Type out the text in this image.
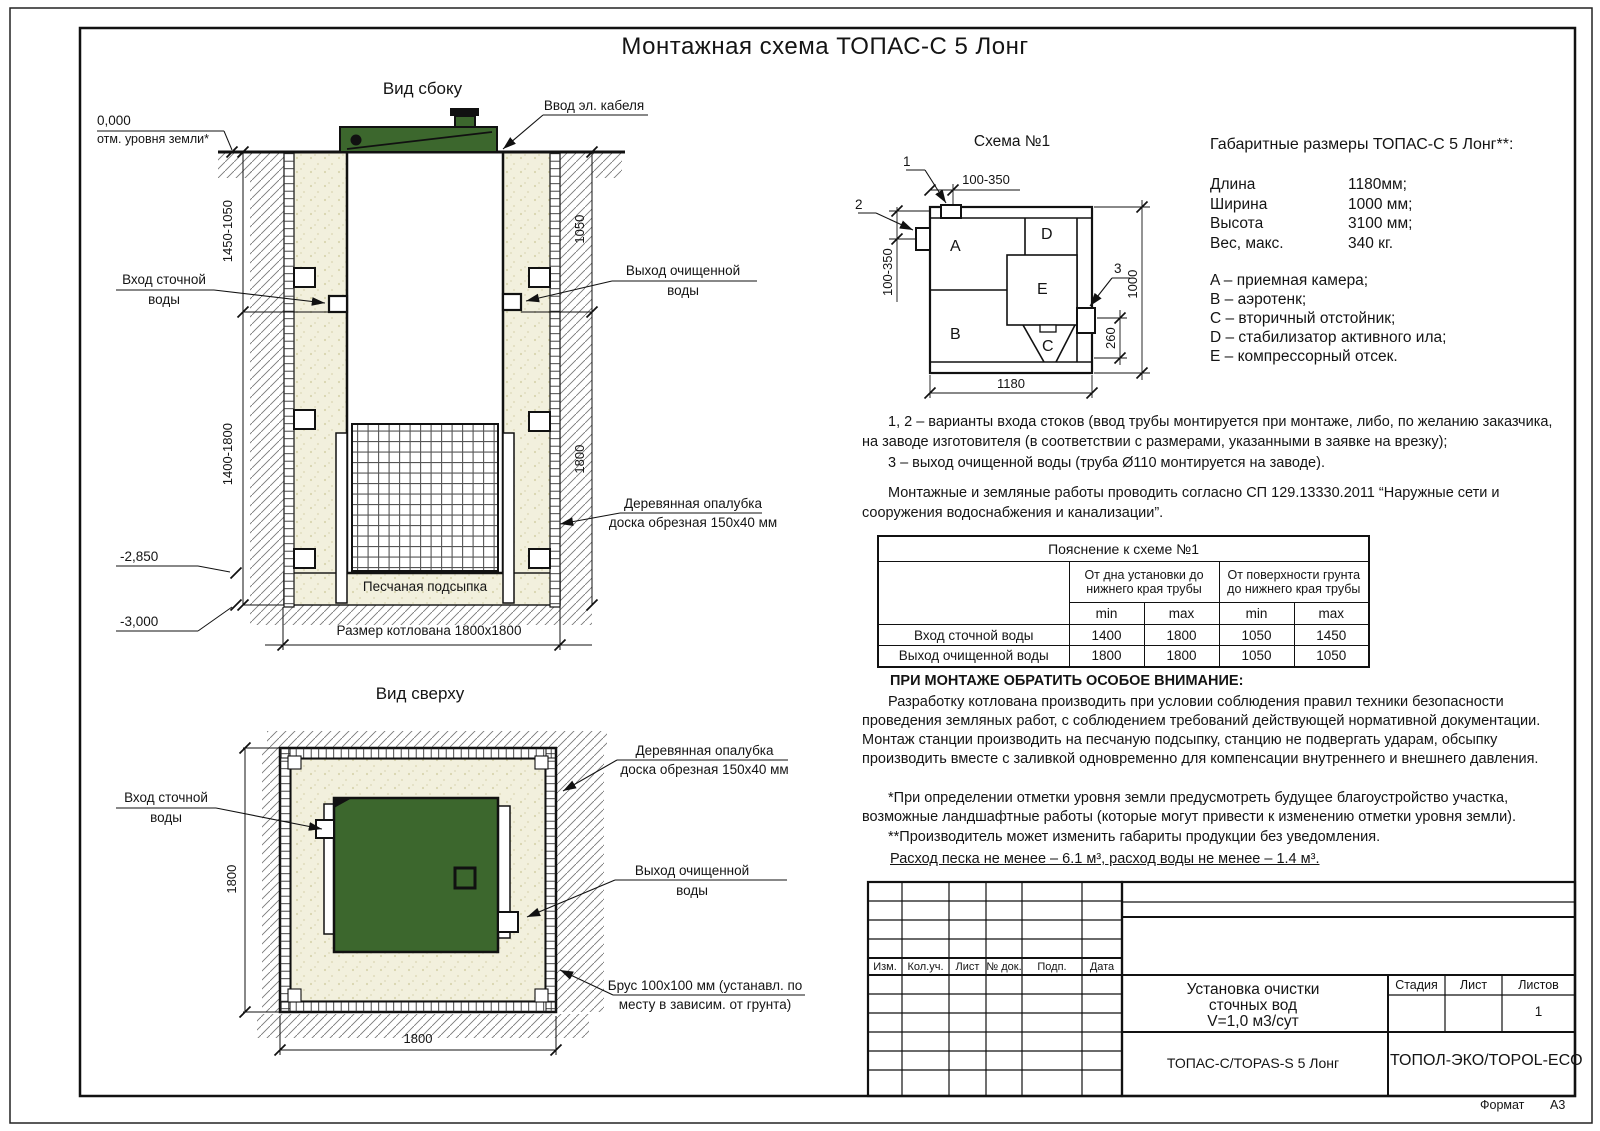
Монтажная схема ТОПАС-С 5 Лонг
Вид сбоку
Ввод эл. кабеля
0,000
отм. уровня земли*
Вход сточной
воды
Выход очищенной
воды
Деревянная опалубка
доска обрезная 150х40 мм
Песчаная подсыпка
-2,850
-3,000
Размер котлована 1800х1800
1450-1050
1400-1800
1050
1800
Вид сверху
Вход сточной
воды
Деревянная опалубка
доска обрезная 150х40 мм
Выход очищенной
воды
Брус 100х100 мм (устанавл. по
месту в зависим. от грунта)
1800
1800
Схема №1
A
B
C
D
E
1
2
3
100-350
100-350	1000
260
1180
Габаритные размеры ТОПАС-С 5 Лонг**:
Длина	1180мм;
Ширина	1000 мм;
Высота	3100 мм;
Вес, макс.	340 кг.
A – приемная камера;
B – аэротенк;
C – вторичный отстойник;
D – стабилизатор активного ила;
E – компрессорный отсек.
1, 2 – варианты входа стоков (ввод трубы монтируется при монтаже, либо, по желанию заказчика, на заводе изготовителя (в соответствии с размерами, указанными в заявке на врезку);
3 – выход очищенной воды (труба Ø110 монтируется на заводе).
Монтажные и земляные работы проводить согласно СП 129.13330.2011 “Наружные сети и сооружения водоснабжения и канализации”.
Пояснение к схеме №1				
	От дна установки до нижнего края трубы		От поверхности грунта до нижнего края трубы	
	min	max	min	max
Вход сточной воды	1400	1800	1050	1450
Выход очищенной воды	1800	1800	1050	1050
ПРИ МОНТАЖЕ ОБРАТИТЬ ОСОБОЕ ВНИМАНИЕ:
Разработку котлована производить при условии соблюдения правил техники безопасности проведения земляных работ, с соблюдением требований действующей нормативной документации. Монтаж станции производить на песчаную подсыпку, станцию не подвергать ударам, обсыпку производить вместе с заливкой одновременно для компенсации внутреннего и внешнего давления.
*При определении отметки уровня земли предусмотреть будущее благоустройство участка, возможные ландшафтные работы (которые могут привести к изменению отметки уровня земли).
**Производитель может изменить габариты продукции без уведомления.
Расход песка не менее – 6.1 м³, расход воды не менее – 1.4 м³.
Изм. Кол.уч.	Лист № док.	Подп.	Дата
Установка очистки
сточных вод
V=1,0 м3/сут
Стадия	Лист	Листов
1
ТОПАС-С/TOPAS-S 5 Лонг	ТОПОЛ-ЭКО/TOPOL-ECO
Формат А3
